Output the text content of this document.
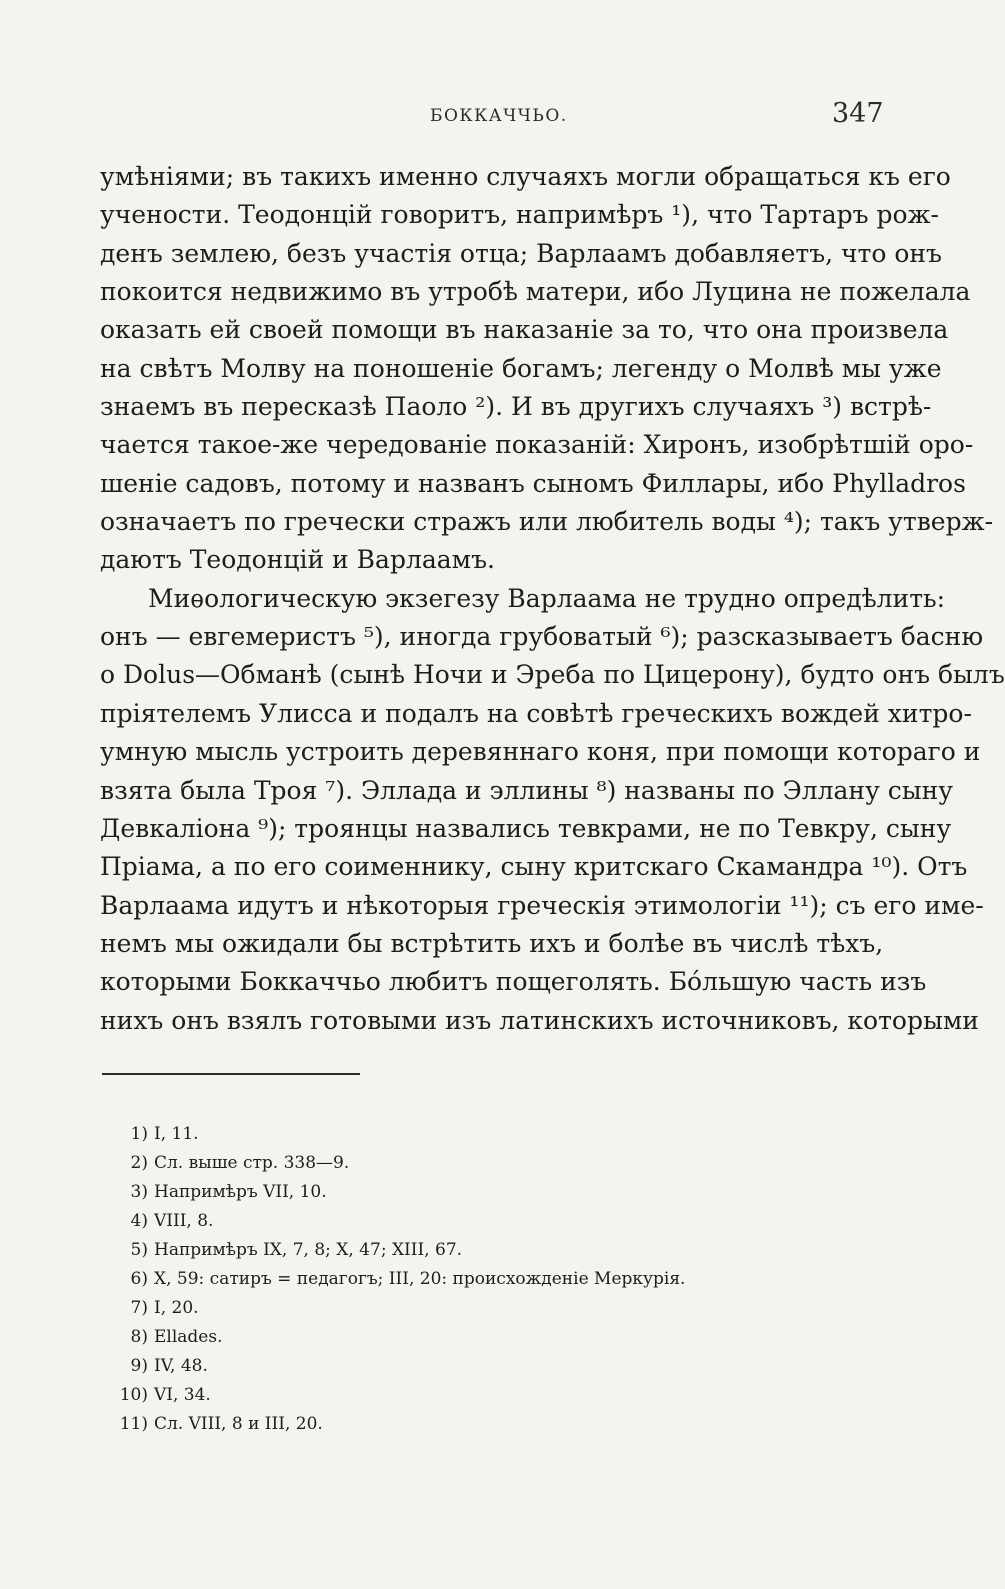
БОККАЧЧЬО.	347
умѣніями; въ такихъ именно случаяхъ могли обращаться къ его
учености. Теодонцій говоритъ, напримѣръ ¹), что Тартаръ рож-
денъ землею, безъ участія отца; Варлаамъ добавляетъ, что онъ
покоится недвижимо въ утробѣ матери, ибо Луцина не пожелала
оказать ей своей помощи въ наказаніе за то, что она произвела
на свѣтъ Молву на поношеніе богамъ; легенду о Молвѣ мы уже
знаемъ въ пересказѣ Паоло ²). И въ другихъ случаяхъ ³) встрѣ-
чается такое-же чередованіе показаній: Хиронъ, изобрѣтшій оро-
шеніе садовъ, потому и названъ сыномъ Филлары, ибо Phylladros
означаетъ по гречески стражъ или любитель воды ⁴); такъ утверж-
даютъ Теодонцій и Варлаамъ.
Миѳологическую экзегезу Варлаама не трудно опредѣлить:
онъ — евгемеристъ ⁵), иногда грубоватый ⁶); разсказываетъ басню
о Dolus—Обманѣ (сынѣ Ночи и Эреба по Цицерону), будто онъ былъ
пріятелемъ Улисса и подалъ на совѣтѣ греческихъ вождей хитро-
умную мысль устроить деревяннаго коня, при помощи котораго и
взята была Троя ⁷). Эллада и эллины ⁸) названы по Эллану сыну
Девкаліона ⁹); троянцы назвались тевкрами, не по Тевкру, сыну
Пріама, а по его соименнику, сыну критскаго Скамандра ¹⁰). Отъ
Варлаама идутъ и нѣкоторыя греческія этимологіи ¹¹); съ его име-
немъ мы ожидали бы встрѣтить ихъ и болѣе въ числѣ тѣхъ,
которыми Боккаччьо любитъ пощеголять. Бо́льшую часть изъ
нихъ онъ взялъ готовыми изъ латинскихъ источниковъ, которыми
1) I, 11.
2) Сл. выше стр. 338—9.
3) Напримѣръ VII, 10.
4) VIII, 8.
5) Напримѣръ IX, 7, 8; X, 47; XIII, 67.
6) X, 59: сатиръ = педагогъ; III, 20: происхожденіе Меркурія.
7) I, 20.
8) Ellades.
9) IV, 48.
10) VI, 34.
11) Сл. VIII, 8 и III, 20.
